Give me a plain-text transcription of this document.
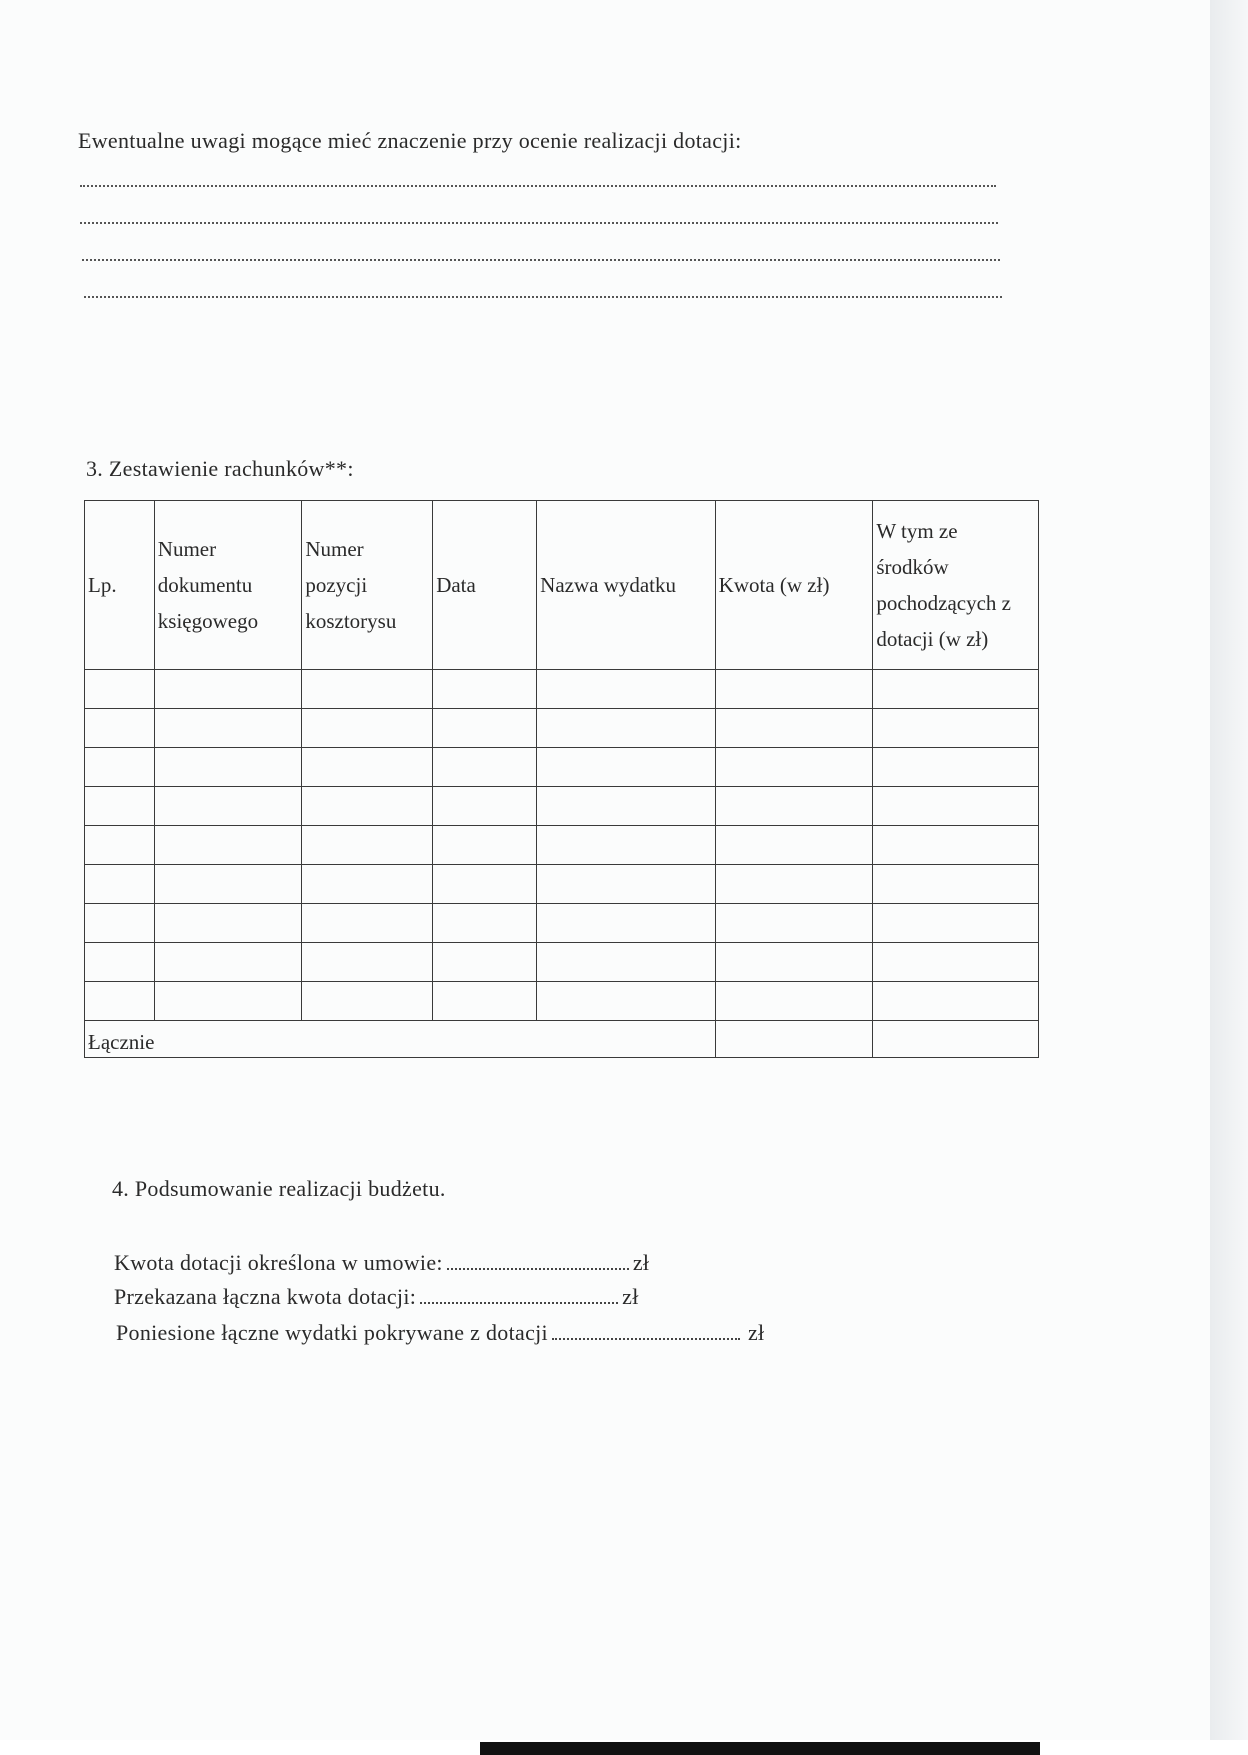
Ewentualne uwagi mogące mieć znaczenie przy ocenie realizacji dotacji:
3. Zestawienie rachunków**:
Lp.	Numer dokumentu księgowego	Numer pozycji kosztorysu	Data	Nazwa wydatku	Kwota (w zł)	W tym ze środków pochodzących z dotacji (w zł)

Łącznie						
4. Podsumowanie realizacji budżetu.
Kwota dotacji określona w umowie:	zł
Przekazana łączna kwota dotacji:	zł
Poniesione łączne wydatki pokrywane z dotacji	zł
